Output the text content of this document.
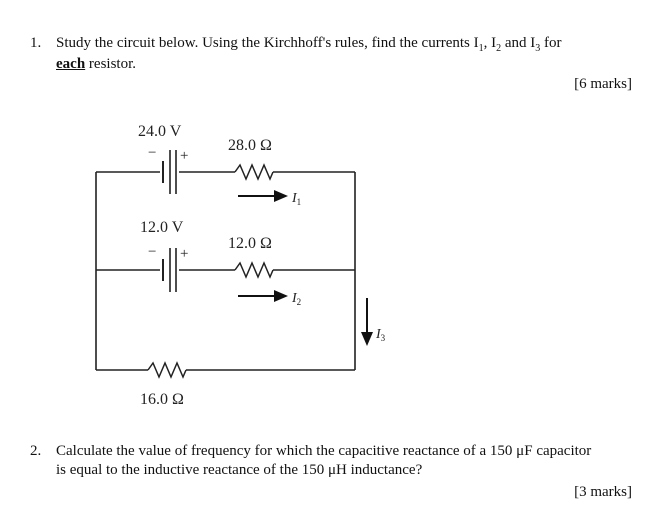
1. Study the circuit below. Using the Kirchhoff's rules, find the currents $I_1$, $I_2$ and $I_3$ for
each resistor.
[6 marks]
24.0 V
− +
28.0 Ω
$I_1$
12.0 V
− +
12.0 Ω
$I_2$
$I_3$
16.0 Ω
2. Calculate the value of frequency for which the capacitive reactance of a 150 μF capacitor
is equal to the inductive reactance of the 150 μH inductance?
[3 marks]
